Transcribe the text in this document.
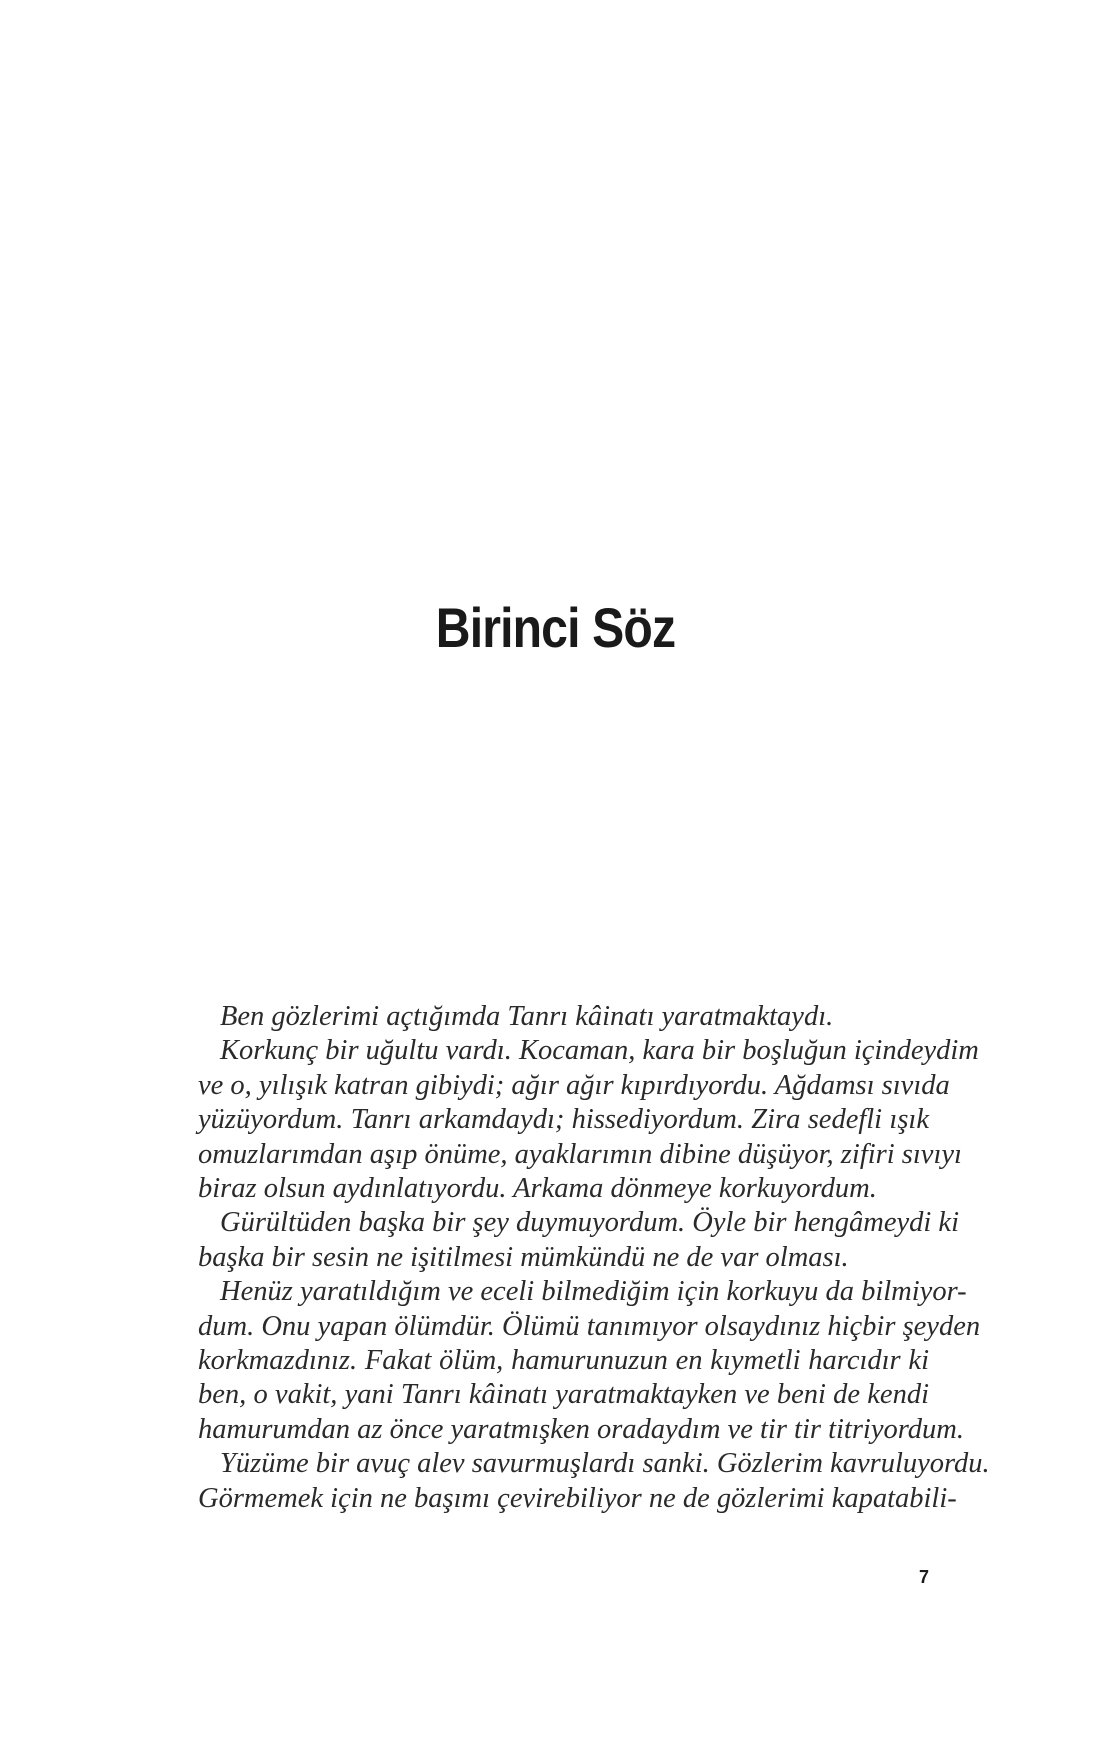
Birinci Söz

Ben gözlerimi açtığımda Tanrı kâinatı yaratmaktaydı.

Korkunç bir uğultu vardı. Kocaman, kara bir boşluğun içindeydim
ve o, yılışık katran gibiydi; ağır ağır kıpırdıyordu. Ağdamsı sıvıda
yüzüyordum. Tanrı arkamdaydı; hissediyordum. Zira sedefli ışık
omuzlarımdan aşıp önüme, ayaklarımın dibine düşüyor, zifiri sıvıyı
biraz olsun aydınlatıyordu. Arkama dönmeye korkuyordum.

Gürültüden başka bir şey duymuyordum. Öyle bir hengâmeydi ki
başka bir sesin ne işitilmesi mümkündü ne de var olması.

Henüz yaratıldığım ve eceli bilmediğim için korkuyu da bilmiyor-
dum. Onu yapan ölümdür. Ölümü tanımıyor olsaydınız hiçbir şeyden
korkmazdınız. Fakat ölüm, hamurunuzun en kıymetli harcıdır ki
ben, o vakit, yani Tanrı kâinatı yaratmaktayken ve beni de kendi
hamurumdan az önce yaratmışken oradaydım ve tir tir titriyordum.

Yüzüme bir avuç alev savurmuşlardı sanki. Gözlerim kavruluyordu.
Görmemek için ne başımı çevirebiliyor ne de gözlerimi kapatabili-

7
